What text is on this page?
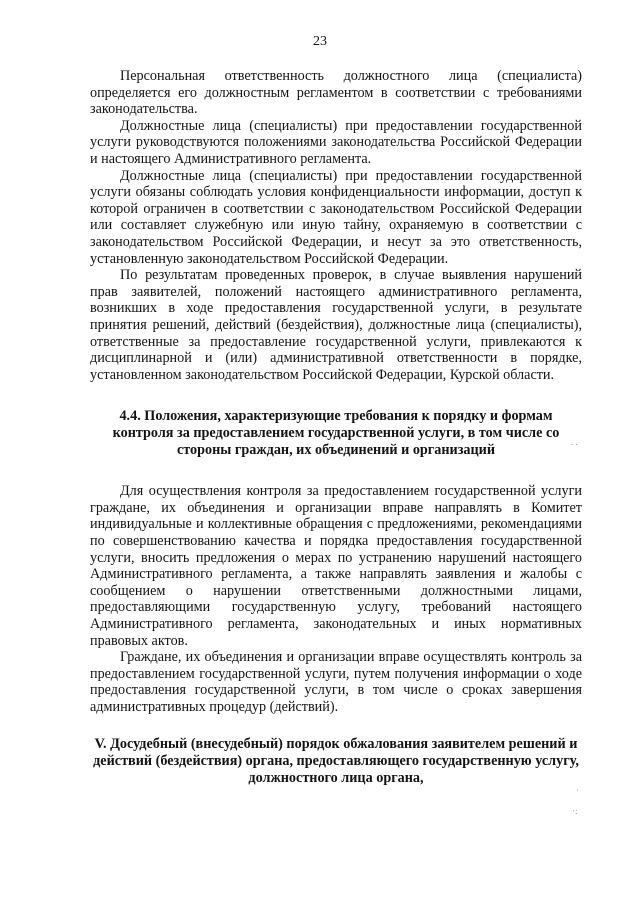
23

Персональная ответственность должностного лица (специалиста) определяется его должностным регламентом в соответствии с требованиями законодательства.

Должностные лица (специалисты) при предоставлении государственной услуги руководствуются положениями законодательства Российской Федерации и настоящего Административного регламента.

Должностные лица (специалисты) при предоставлении государственной услуги обязаны соблюдать условия конфиденциальности информации, доступ к которой ограничен в соответствии с законодательством Российской Федерации или составляет служебную или иную тайну, охраняемую в соответствии с законодательством Российской Федерации, и несут за это ответственность, установленную законодательством Российской Федерации.

По результатам проведенных проверок, в случае выявления нарушений прав заявителей, положений настоящего административного регламента, возникших в ходе предоставления государственной услуги, в результате принятия решений, действий (бездействия), должностные лица (специалисты), ответственные за предоставление государственной услуги, привлекаются к дисциплинарной и (или) административной ответственности в порядке, установленном законодательством Российской Федерации, Курской области.

4.4. Положения, характеризующие требования к порядку и формам контроля за предоставлением государственной услуги, в том числе со стороны граждан, их объединений и организаций

Для осуществления контроля за предоставлением государственной услуги граждане, их объединения и организации вправе направлять в Комитет индивидуальные и коллективные обращения с предложениями, рекомендациями по совершенствованию качества и порядка предоставления государственной услуги, вносить предложения о мерах по устранению нарушений настоящего Административного регламента, а также направлять заявления и жалобы с сообщением о нарушении ответственными должностными лицами, предоставляющими государственную услугу, требований настоящего Административного регламента, законодательных и иных нормативных правовых актов.

Граждане, их объединения и организации вправе осуществлять контроль за предоставлением государственной услуги, путем получения информации о ходе предоставления государственной услуги, в том числе о сроках завершения административных процедур (действий).

V. Досудебный (внесудебный) порядок обжалования заявителем решений и действий (бездействия) органа, предоставляющего государственную услугу, должностного лица органа,
. .
·
·:
